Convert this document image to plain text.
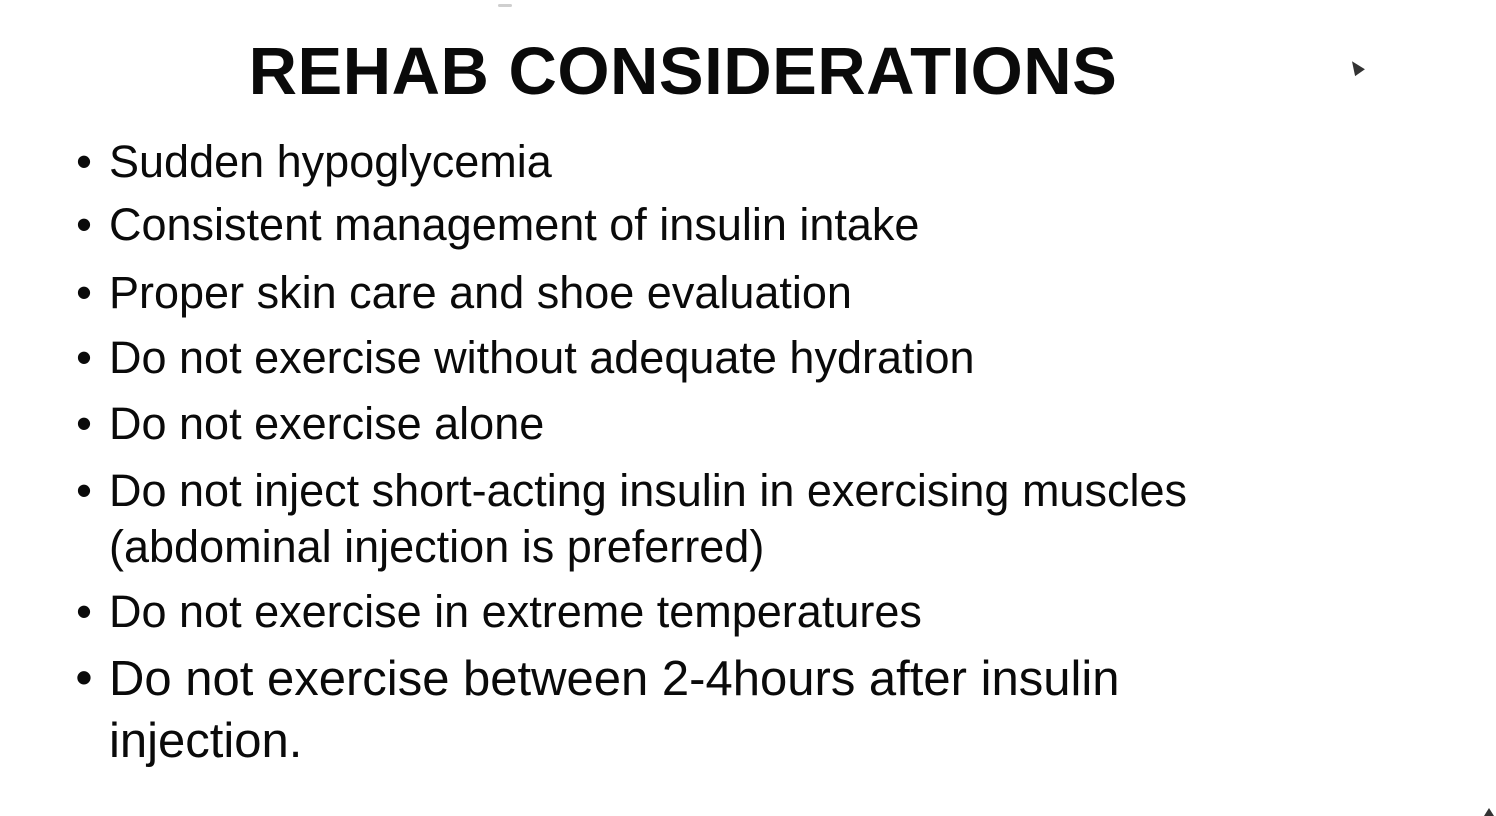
REHAB CONSIDERATIONS
• Sudden hypoglycemia
• Consistent management of insulin intake
• Proper skin care and shoe evaluation
• Do not exercise without adequate hydration
• Do not exercise alone
• Do not inject short-acting insulin in exercising muscles (abdominal injection is preferred)
• Do not exercise in extreme temperatures
• Do not exercise between 2-4hours after insulin injection.
